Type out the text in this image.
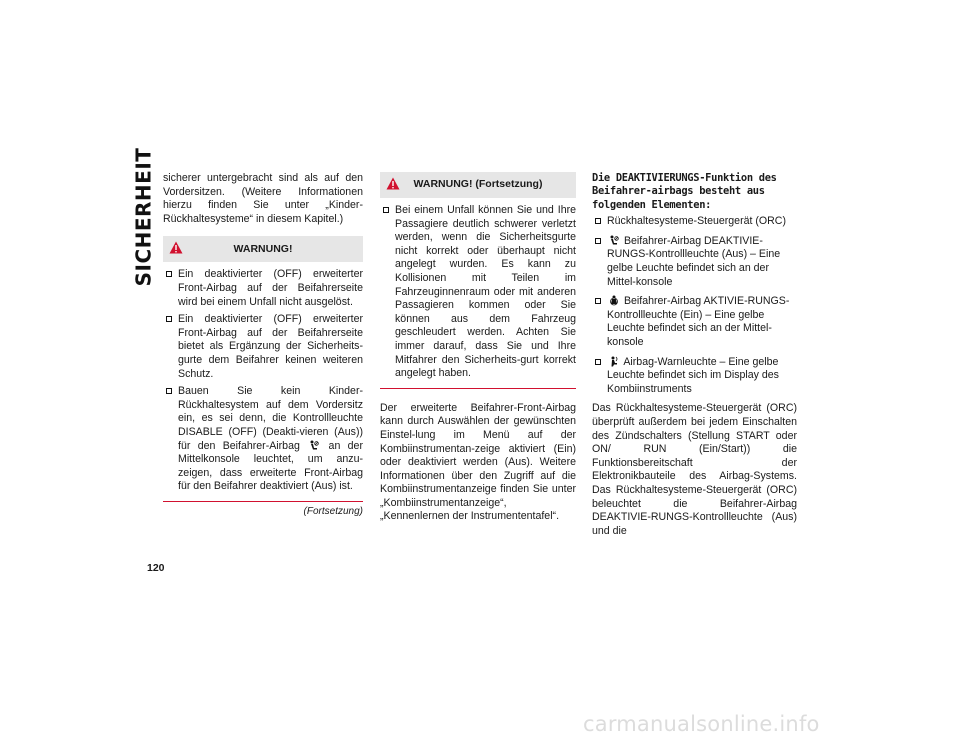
SICHERHEIT sicherer untergebracht sind als auf den Vordersitzen. (Weitere Informationen hierzu finden Sie unter „Kinder-Rückhaltesysteme“ in diesem Kapitel.)

WARNUNG!
Ein deaktivierter (OFF) erweiterter Front-Airbag auf der Beifahrerseite wird bei einem Unfall nicht ausgelöst.
Ein deaktivierter (OFF) erweiterter Front-Airbag auf der Beifahrerseite bietet als Ergänzung der Sicherheits-gurte dem Beifahrer keinen weiteren Schutz.
Bauen Sie kein Kinder-Rückhaltesystem auf dem Vordersitz ein, es sei denn, die Kontrollleuchte DISABLE (OFF) (Deakti-vieren (Aus)) für den Beifahrer-Airbag	an der Mittelkonsole leuchtet, um anzu-zeigen, dass erweiterte Front-Airbag für den Beifahrer deaktiviert (Aus) ist.
(Fortsetzung)
WARNUNG! (Fortsetzung)
Bei einem Unfall können Sie und Ihre Passagiere deutlich schwerer verletzt werden, wenn die Sicherheitsgurte nicht korrekt oder überhaupt nicht angelegt wurden. Es kann zu Kollisionen mit Teilen im Fahrzeuginnenraum oder mit anderen Passagieren kommen oder Sie können aus dem Fahrzeug geschleudert werden. Achten Sie immer darauf, dass Sie und Ihre Mitfahrer den Sicherheits-gurt korrekt angelegt haben.

Der erweiterte Beifahrer-Front-Airbag kann durch Auswählen der gewünschten Einstel-lung im Menü auf der Kombiinstrumentan-zeige aktiviert (Ein) oder deaktiviert werden (Aus). Weitere Informationen über den Zugriff auf die Kombiinstrumentanzeige finden Sie unter „Kombiinstrumentanzeige“, „Kennenlernen der Instrumententafel“.

Die DEAKTIVIERUNGS-Funktion des Beifahrer-airbags besteht aus folgenden Elementen:
Rückhaltesysteme-Steuergerät (ORC)
Beifahrer-Airbag DEAKTIVIE-RUNGS-Kontrollleuchte (Aus) – Eine gelbe Leuchte befindet sich an der Mittel-konsole
Beifahrer-Airbag AKTIVIE-RUNGS-Kontrollleuchte (Ein) – Eine gelbe Leuchte befindet sich an der Mittel-konsole
Airbag-Warnleuchte – Eine gelbe Leuchte befindet sich im Display des Kombiinstruments

Das Rückhaltesysteme-Steuergerät (ORC) überprüft außerdem bei jedem Einschalten des Zündschalters (Stellung START oder ON/ RUN (Ein/Start)) die Funktionsbereitschaft der Elektronikbauteile des Airbag-Systems. Das Rückhaltesysteme-Steuergerät (ORC) beleuchtet die Beifahrer-Airbag DEAKTIVIE-RUNGS-Kontrollleuchte (Aus) und die

120
carmanualsonline.info
